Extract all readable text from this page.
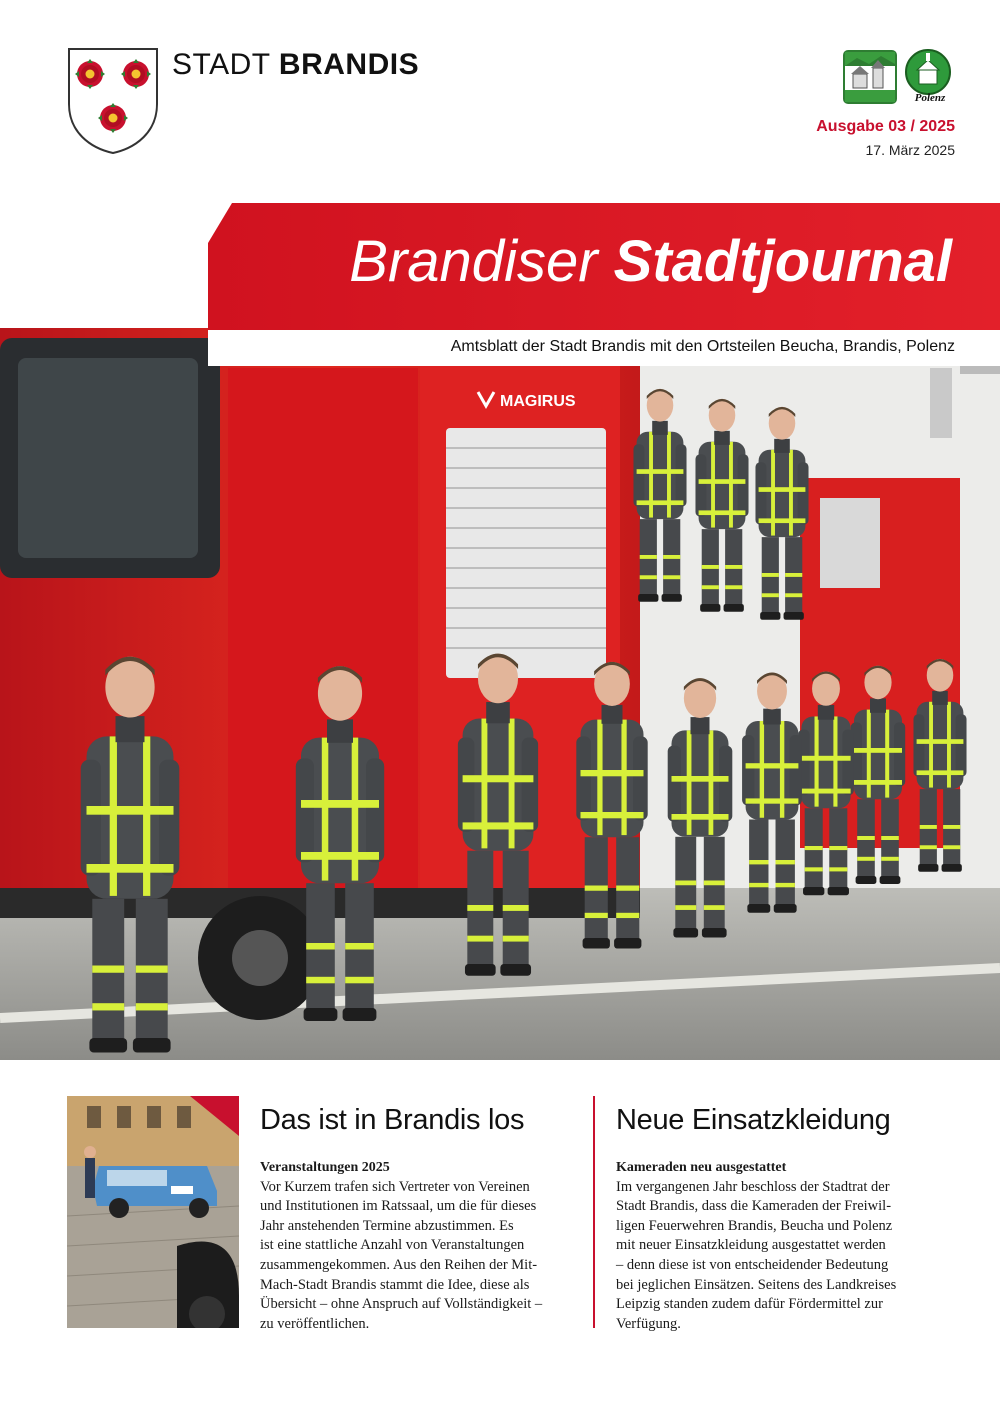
STADT BRANDIS
Polenz
Ausgabe 03 / 2025
17. März 2025
MAGIRUS
Brandiser Stadtjournal
Amtsblatt der Stadt Brandis mit den Ortsteilen Beucha, Brandis, Polenz
Das ist in Brandis los
Veranstaltungen 2025
Vor Kurzem trafen sich Vertreter von Vereinen
und Institutionen im Ratssaal, um die für dieses
Jahr anstehenden Termine abzustimmen. Es
ist eine stattliche Anzahl von Veranstaltungen
zusammengekommen. Aus den Reihen der Mit-
Mach-Stadt Brandis stammt die Idee, diese als
Übersicht – ohne Anspruch auf Vollständigkeit –
zu veröffentlichen.
Neue Einsatzkleidung
Kameraden neu ausgestattet
Im vergangenen Jahr beschloss der Stadtrat der
Stadt Brandis, dass die Kameraden der Freiwil-
ligen Feuerwehren Brandis, Beucha und Polenz
mit neuer Einsatzkleidung ausgestattet werden
– denn diese ist von entscheidender Bedeutung
bei jeglichen Einsätzen. Seitens des Landkreises
Leipzig standen zudem dafür Fördermittel zur
Verfügung.
